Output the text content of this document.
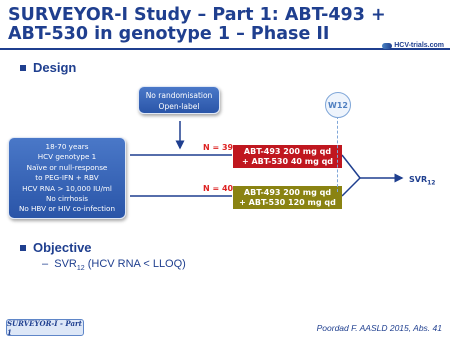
SURVEYOR-I Study – Part 1: ABT-493 + ABT-530 in genotype 1 – Phase II
HCV-trials.com
Design
No randomisation
Open-label
18-70 years
HCV genotype 1
Naïve or null-response
to PEG-IFN + RBV
HCV RNA > 10,000 IU/ml
No cirrhosis
No HBV or HIV co-infection
N = 39
N = 40
ABT-493 200 mg qd
+ ABT-530 40 mg qd
ABT-493 200 mg qd
+ ABT-530 120 mg qd
W12
$SVR_{12}$
Objective
– $SVR_{12}$ (HCV RNA < LLOQ)
SURVEYOR-I - Part 1	Poordad F. AASLD 2015, Abs. 41
